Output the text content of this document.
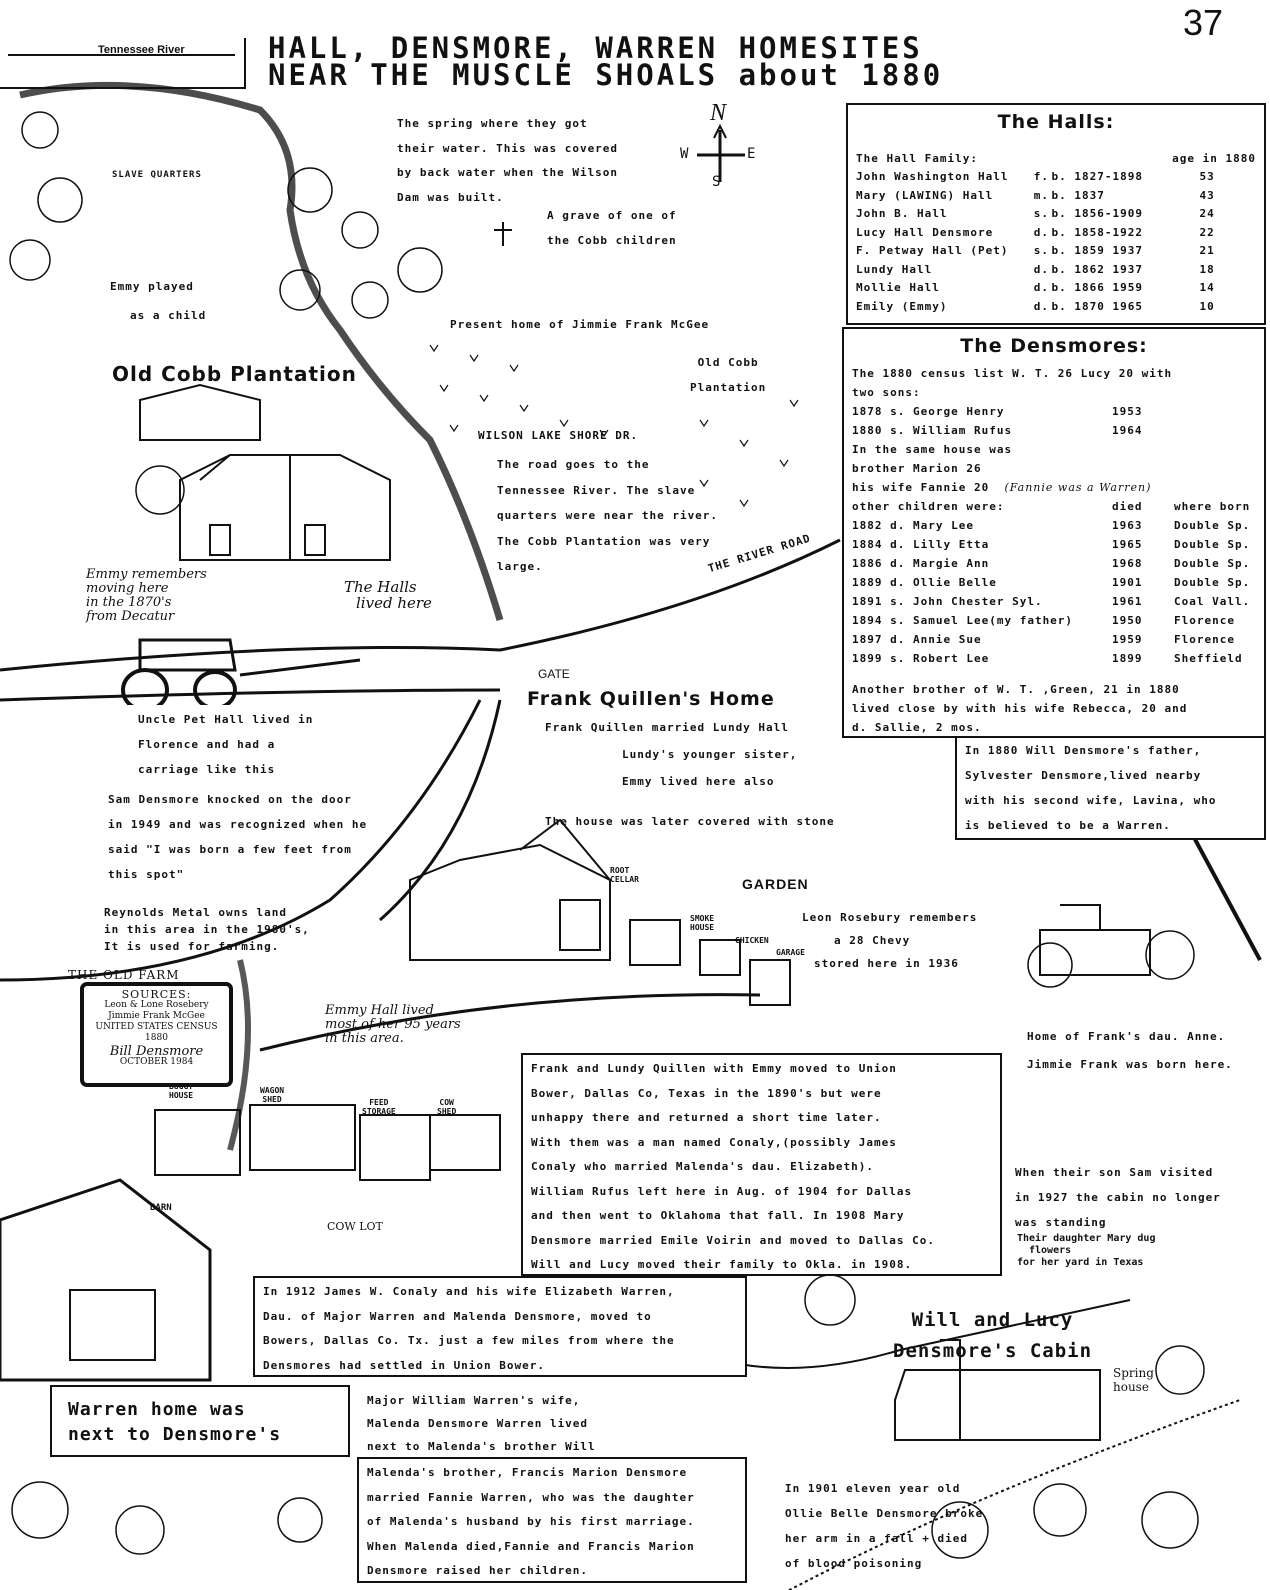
37
Tennessee River	HALL, DENSMORE, WARREN HOMESITES
NEAR THE MUSCLE SHOALS about 1880
N
S
E
W

The spring where they got

their water. This was covered

by back water when the Wilson

Dam was built.

A grave of one of

the Cobb children

SLAVE QUARTERS

Emmy played

as a child

Present home of Jimmie Frank McGee

Old Cobb

Plantation

Old Cobb Plantation
WILSON LAKE SHORE DR.

The road goes to the

Tennessee River. The slave

quarters were near the river.

The Cobb Plantation was very

large.	THE RIVER ROAD
Emmy remembers
moving here
in the 1870's
from Decatur
The Halls
lived here
GATE
Frank Quillen's Home

Frank Quillen married Lundy Hall

Lundy's younger sister,

Emmy lived here also

The house was later covered with stone

Uncle Pet Hall lived in

Florence and had a

carriage like this

Sam Densmore knocked on the door

in 1949 and was recognized when he

said "I was born a few feet from

this spot"

Reynolds Metal owns land

in this area in the 1980's,

It is used for farming.

ROOT
CELLAR	GARDEN
SMOKE
HOUSE
CHICKEN
GARAGE

Leon Rosebury remembers

a 28 Chevy

stored here in 1936

Emmy Hall lived
most of her 95 years
in this area.	Home of Frank's dau. Anne.

Jimmie Frank was born here.

THE OLD FARM
SOURCES:
Leon & Lone Rosebery
Jimmie Frank McGee
UNITED STATES CENSUS
1880
Bill Densmore
OCTOBER 1984
BUGGY
HOUSE
WAGON
SHED	FEED
STORAGE
COW
SHED
BARN
COW LOT
The Halls:
The Hall Family:			age in 1880
John Washington Hall	f.	b. 1827-1898	53
Mary (LAWING) Hall	m.	b. 1837	43
John B. Hall	s.	b. 1856-1909	24
Lucy Hall Densmore	d.	b. 1858-1922	22
F. Petway Hall (Pet)	s.	b. 1859 1937	21
Lundy Hall	d.	b. 1862 1937	18
Mollie Hall	d.	b. 1866 1959	14
Emily (Emmy)	d.	b. 1870 1965	10
The Densmores:

The 1880 census list W. T. 26 Lucy 20 with

two sons:

1878 s. George Henry	1953
1880 s. William Rufus	1964

In the same house was

brother Marion 26

his wife Fannie 20 (Fannie was a Warren)

other children were:	died	where born
1882 d. Mary Lee	1963	Double Sp.
1884 d. Lilly Etta	1965	Double Sp.
1886 d. Margie Ann	1968	Double Sp.
1889 d. Ollie Belle	1901	Double Sp.
1891 s. John Chester Syl.	1961	Coal Vall.
1894 s. Samuel Lee(my father)	1950	Florence
1897 d. Annie Sue	1959	Florence
1899 s. Robert Lee	1899	Sheffield

Another brother of W. T. ,Green, 21 in 1880

lived close by with his wife Rebecca, 20 and

d. Sallie, 2 mos.

In 1880 Will Densmore's father,

Sylvester Densmore,lived nearby

with his second wife, Lavina, who

is believed to be a Warren.

Frank and Lundy Quillen with Emmy moved to Union

Bower, Dallas Co, Texas in the 1890's but were

unhappy there and returned a short time later.

With them was a man named Conaly,(possibly James

Conaly who married Malenda's dau. Elizabeth).

William Rufus left here in Aug. of 1904 for Dallas

and then went to Oklahoma that fall. In 1908 Mary

Densmore married Emile Voirin and moved to Dallas Co.

Will and Lucy moved their family to Okla. in 1908.

When their son Sam visited

in 1927 the cabin no longer

was standing

Their daughter Mary dug
flowers
for her yard in Texas

In 1912 James W. Conaly and his wife Elizabeth Warren,

Dau. of Major Warren and Malenda Densmore, moved to

Bowers, Dallas Co. Tx. just a few miles from where the

Densmores had settled in Union Bower.

Will and Lucy
Densmore's Cabin
Spring
house
Warren home was
next to Densmore's

Major William Warren's wife,

Malenda Densmore Warren lived

next to Malenda's brother Will

Malenda's brother, Francis Marion Densmore

married Fannie Warren, who was the daughter

of Malenda's husband by his first marriage.

When Malenda died,Fannie and Francis Marion

Densmore raised her children.

In 1901 eleven year old

Ollie Belle Densmore broke

her arm in a fall + died

of blood poisoning
